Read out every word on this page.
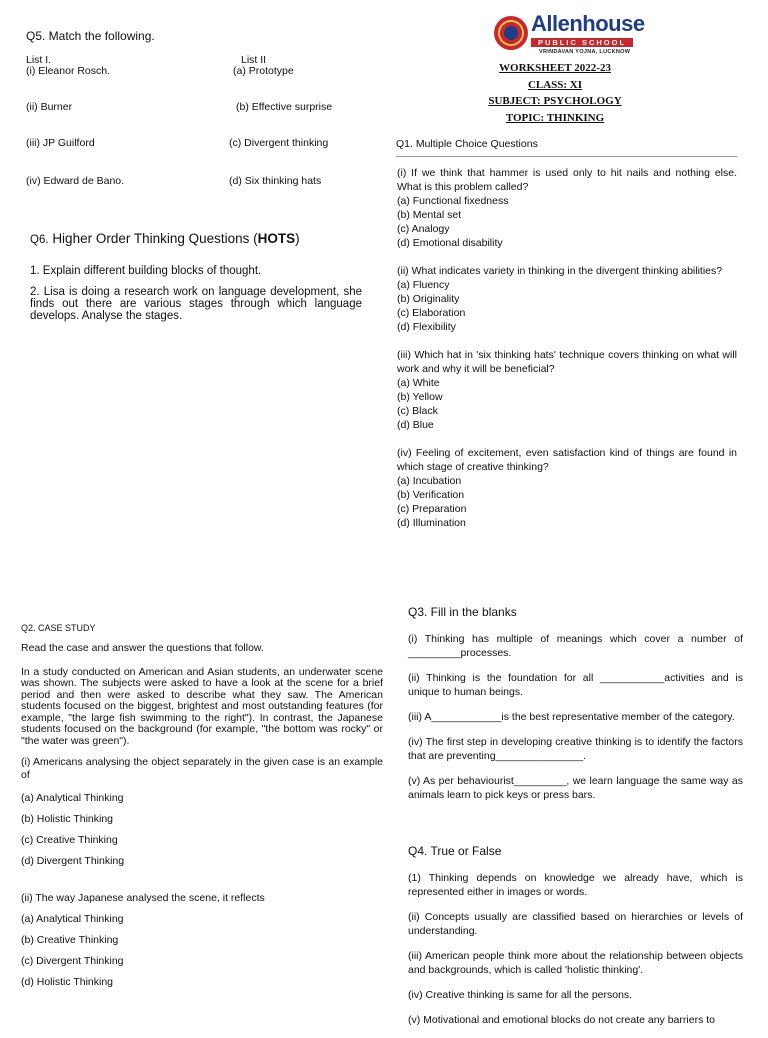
Q5. Match the following.
List I.	List II
(i) Eleanor Rosch.	(a) Prototype
(ii) Burner	(b) Effective surprise
(iii) JP Guilford	(c) Divergent thinking
(iv) Edward de Bano.	(d) Six thinking hats
Allenhouse
PUBLIC SCHOOL
VRINDAVAN YOJNA, LUCKNOW
WORKSHEET 2022-23
CLASS: XI
SUBJECT: PSYCHOLOGY
TOPIC: THINKING
Q1. Multiple Choice Questions
(i) If we think that hammer is used only to hit nails and nothing else. What is this problem called?
(a) Functional fixedness
(b) Mental set
(c) Analogy
(d) Emotional disability
(ii) What indicates variety in thinking in the divergent thinking abilities?
(a) Fluency
(b) Originality
(c) Elaboration
(d) Flexibility
(iii) Which hat in 'six thinking hats' technique covers thinking on what will work and why it will be beneficial?
(a) White
(b) Yellow
(c) Black
(d) Blue
(iv) Feeling of excitement, even satisfaction kind of things are found in which stage of creative thinking?
(a) Incubation
(b) Verification
(c) Preparation
(d) Illumination
Q6. Higher Order Thinking Questions (HOTS)
1. Explain different building blocks of thought.
2. Lisa is doing a research work on language development, she finds out there are various stages through which language develops. Analyse the stages.
Q2. CASE STUDY
Read the case and answer the questions that follow.
In a study conducted on American and Asian students, an underwater scene was shown. The subjects were asked to have a look at the scene for a brief period and then were asked to describe what they saw. The American students focused on the biggest, brightest and most outstanding features (for example, "the large fish swimming to the right"). In contrast, the Japanese students focused on the background (for example, "the bottom was rocky" or "the water was green").
(i) Americans analysing the object separately in the given case is an example of
(a) Analytical Thinking
(b) Holistic Thinking
(c) Creative Thinking
(d) Divergent Thinking
(ii) The way Japanese analysed the scene, it reflects
(a) Analytical Thinking
(b) Creative Thinking
(c) Divergent Thinking
(d) Holistic Thinking
Q3. Fill in the blanks
(i) Thinking has multiple of meanings which cover a number of _________processes.
(ii) Thinking is the foundation for all ___________activities and is unique to human beings.
(iii) A____________is the best representative member of the category.
(iv) The first step in developing creative thinking is to identify the factors that are preventing_______________.
(v) As per behaviourist_________, we learn language the same way as animals learn to pick keys or press bars.
Q4. True or False
(1) Thinking depends on knowledge we already have, which is represented either in images or words.
(ii) Concepts usually are classified based on hierarchies or levels of understanding.
(iii) American people think more about the relationship between objects and backgrounds, which is called 'holistic thinking'.
(iv) Creative thinking is same for all the persons.
(v) Motivational and emotional blocks do not create any barriers to
